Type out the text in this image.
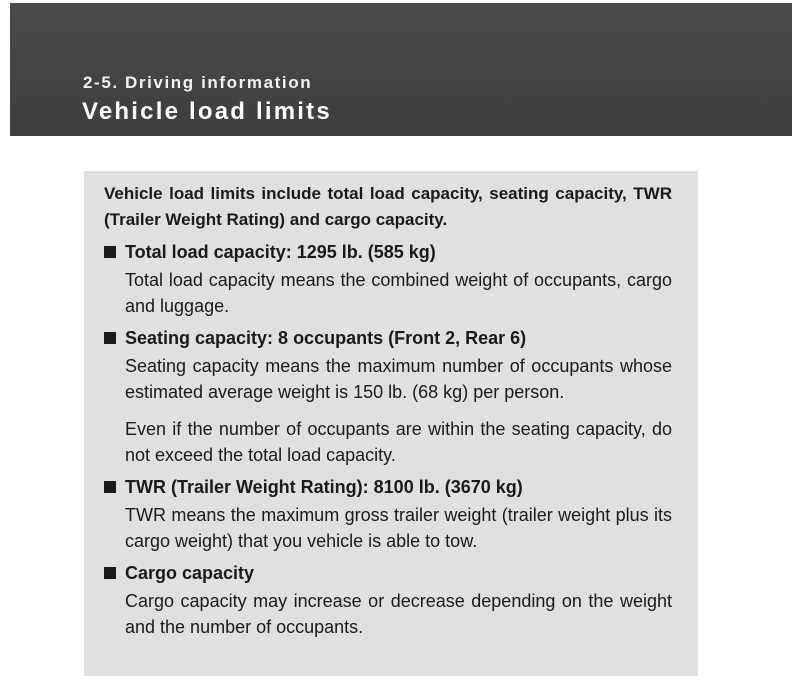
2-5. Driving information
Vehicle load limits

Vehicle load limits include total load capacity, seating capacity, TWR (Trailer Weight Rating) and cargo capacity.

Total load capacity: 1295 lb. (585 kg)

Total load capacity means the combined weight of occupants, cargo and luggage.

Seating capacity: 8 occupants (Front 2, Rear 6)

Seating capacity means the maximum number of occupants whose estimated average weight is 150 lb. (68 kg) per person.

Even if the number of occupants are within the seating capacity, do not exceed the total load capacity.

TWR (Trailer Weight Rating): 8100 lb. (3670 kg)

TWR means the maximum gross trailer weight (trailer weight plus its cargo weight) that you vehicle is able to tow.

Cargo capacity

Cargo capacity may increase or decrease depending on the weight and the number of occupants.
